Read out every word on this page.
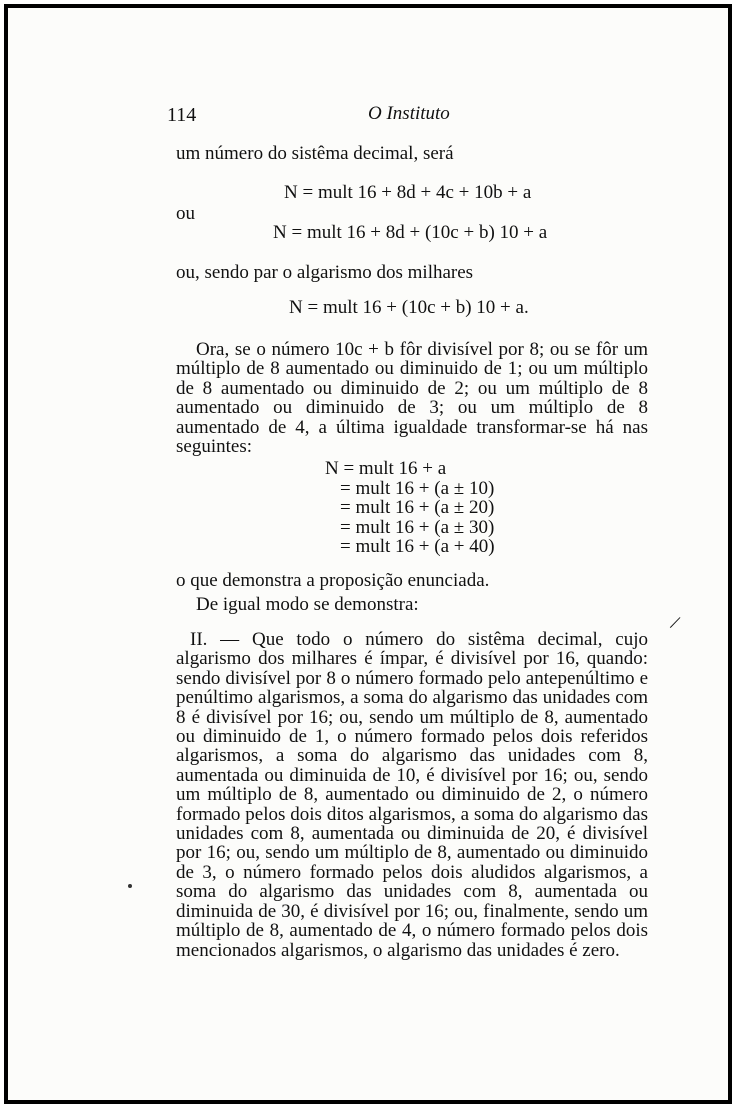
114	O Instituto
um número do sistêma decimal, será
N = mult 16 + 8d + 4c + 10b + a
ou
N = mult 16 + 8d + (10c + b) 10 + a
ou, sendo par o algarismo dos milhares
N = mult 16 + (10c + b) 10 + a.

Ora, se o número 10c + b fôr divisível por 8; ou se fôr um múltiplo de 8 aumentado ou diminuido de 1; ou um múltiplo de 8 aumentado ou diminuido de 2; ou um múltiplo de 8 aumentado ou diminuido de 3; ou um múltiplo de 8 aumentado de 4, a última igualdade transformar-se há nas seguintes:

N = mult 16 + a
= mult 16 + (a ± 10)
= mult 16 + (a ± 20)
= mult 16 + (a ± 30)
= mult 16 + (a + 40)
o que demonstra a proposição enunciada.
De igual modo se demonstra:

II. — Que todo o número do sistêma decimal, cujo algarismo dos milhares é ímpar, é divisível por 16, quando: sendo divisível por 8 o número formado pelo antepenúltimo e penúltimo algarismos, a soma do algarismo das unidades com 8 é divisível por 16; ou, sendo um múltiplo de 8, aumentado ou diminuido de 1, o número formado pelos dois referidos algarismos, a soma do algarismo das unidades com 8, aumentada ou diminuida de 10, é divisível por 16; ou, sendo um múltiplo de 8, aumentado ou diminuido de 2, o número formado pelos dois ditos algarismos, a soma do algarismo das unidades com 8, aumentada ou diminuida de 20, é divisível por 16; ou, sendo um múltiplo de 8, aumentado ou diminuido de 3, o número formado pelos dois aludidos algarismos, a soma do algarismo das unidades com 8, aumentada ou diminuida de 30, é divisível por 16; ou, finalmente, sendo um múltiplo de 8, aumentado de 4, o número formado pelos dois mencionados algarismos, o algarismo das unidades é zero.

/
